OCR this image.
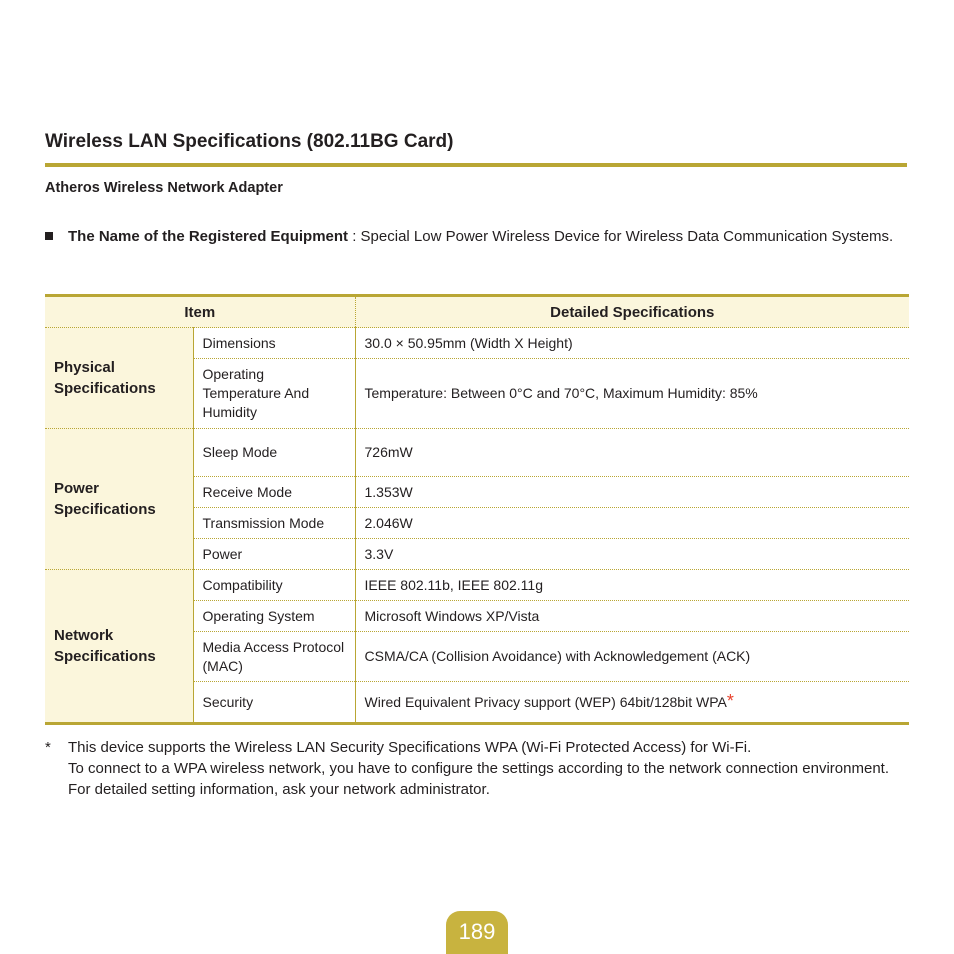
Wireless LAN Specifications (802.11BG Card)
Atheros Wireless Network Adapter
The Name of the Registered Equipment : Special Low Power Wireless Device for Wireless Data Communication Systems.
Item		Detailed Specifications
Physical
Specifications	Dimensions	30.0 × 50.95mm (Width X Height)
	Operating Temperature And Humidity	Temperature: Between 0°C and 70°C, Maximum Humidity: 85%
Power
Specifications	Sleep Mode	726mW
	Receive Mode	1.353W
	Transmission Mode	2.046W
	Power	3.3V
Network
Specifications	Compatibility	IEEE 802.11b, IEEE 802.11g
	Operating System	Microsoft Windows XP/Vista
	Media Access Protocol (MAC)	CSMA/CA (Collision Avoidance) with Acknowledgement (ACK)
	Security	Wired Equivalent Privacy support (WEP) 64bit/128bit WPA*
* This device supports the Wireless LAN Security Specifications WPA (Wi-Fi Protected Access) for Wi-Fi.
To connect to a WPA wireless network, you have to configure the settings according to the network connection environment. For detailed setting information, ask your network administrator.
189
